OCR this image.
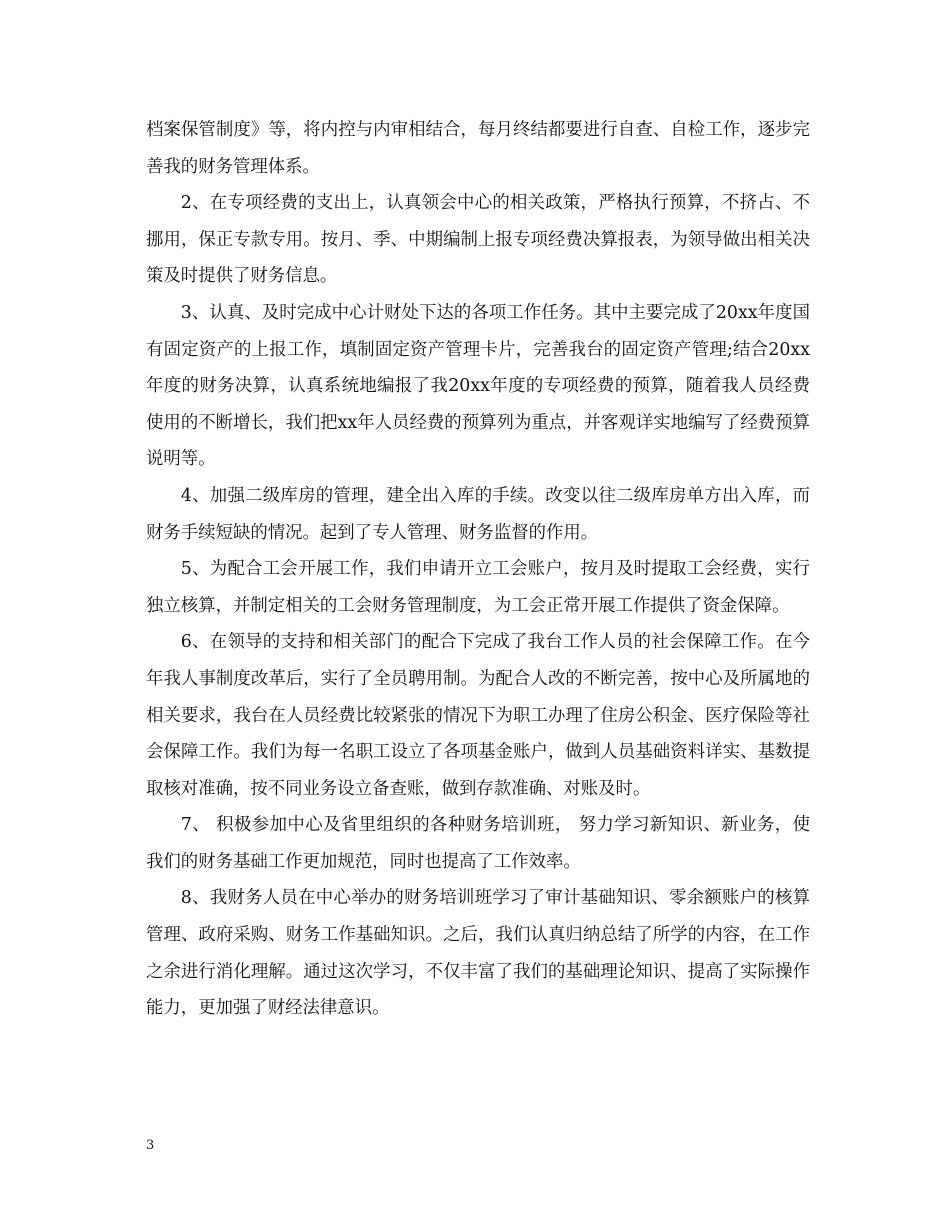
档案保管制度》等，将内控与内审相结合，每月终结都要进行自查、自检工作，逐步完善我的财务管理体系。

2、在专项经费的支出上，认真领会中心的相关政策，严格执行预算，不挤占、不挪用，保正专款专用。按月、季、中期编制上报专项经费决算报表，为领导做出相关决策及时提供了财务信息。

3、认真、及时完成中心计财处下达的各项工作任务。其中主要完成了20xx年度国有固定资产的上报工作，填制固定资产管理卡片，完善我台的固定资产管理;结合20xx年度的财务决算，认真系统地编报了我20xx年度的专项经费的预算，随着我人员经费使用的不断增长，我们把xx年人员经费的预算列为重点，并客观详实地编写了经费预算说明等。

4、加强二级库房的管理，建全出入库的手续。改变以往二级库房单方出入库，而财务手续短缺的情况。起到了专人管理、财务监督的作用。

5、为配合工会开展工作，我们申请开立工会账户，按月及时提取工会经费，实行独立核算，并制定相关的工会财务管理制度，为工会正常开展工作提供了资金保障。

6、在领导的支持和相关部门的配合下完成了我台工作人员的社会保障工作。在今年我人事制度改革后，实行了全员聘用制。为配合人改的不断完善，按中心及所属地的相关要求，我台在人员经费比较紧张的情况下为职工办理了住房公积金、医疗保险等社会保障工作。我们为每一名职工设立了各项基金账户，做到人员基础资料详实、基数提取核对准确，按不同业务设立备查账，做到存款准确、对账及时。

7、 积极参加中心及省里组织的各种财务培训班， 努力学习新知识、新业务，使我们的财务基础工作更加规范，同时也提高了工作效率。

8、我财务人员在中心举办的财务培训班学习了审计基础知识、零余额账户的核算管理、政府采购、财务工作基础知识。之后，我们认真归纳总结了所学的内容，在工作之余进行消化理解。通过这次学习，不仅丰富了我们的基础理论知识、提高了实际操作能力，更加强了财经法律意识。

3
